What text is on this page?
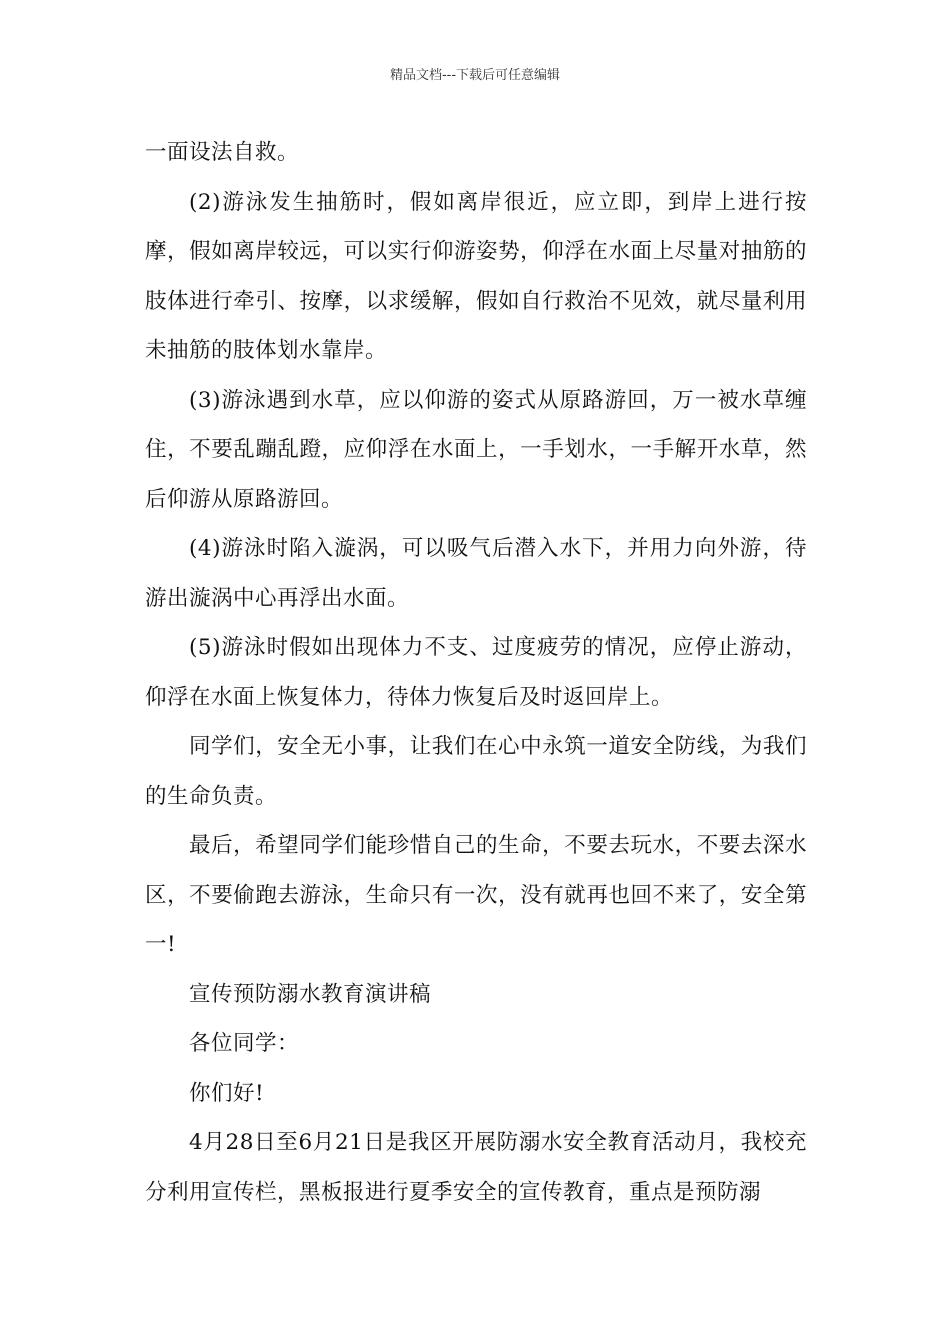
精品文档---下载后可任意编辑

一面设法自救。

(2)游泳发生抽筋时，假如离岸很近，应立即，到岸上进行按摩，假如离岸较远，可以实行仰游姿势，仰浮在水面上尽量对抽筋的肢体进行牵引、按摩，以求缓解，假如自行救治不见效，就尽量利用未抽筋的肢体划水靠岸。

(3)游泳遇到水草，应以仰游的姿式从原路游回，万一被水草缠住，不要乱蹦乱蹬，应仰浮在水面上，一手划水，一手解开水草，然后仰游从原路游回。

(4)游泳时陷入漩涡，可以吸气后潜入水下，并用力向外游，待游出漩涡中心再浮出水面。

(5)游泳时假如出现体力不支、过度疲劳的情况，应停止游动，仰浮在水面上恢复体力，待体力恢复后及时返回岸上。

同学们，安全无小事，让我们在心中永筑一道安全防线，为我们的生命负责。

最后，希望同学们能珍惜自己的生命，不要去玩水，不要去深水区，不要偷跑去游泳，生命只有一次，没有就再也回不来了，安全第一!

宣传预防溺水教育演讲稿

各位同学：

你们好!

4月28日至6月21日是我区开展防溺水安全教育活动月，我校充分利用宣传栏，黑板报进行夏季安全的宣传教育，重点是预防溺
